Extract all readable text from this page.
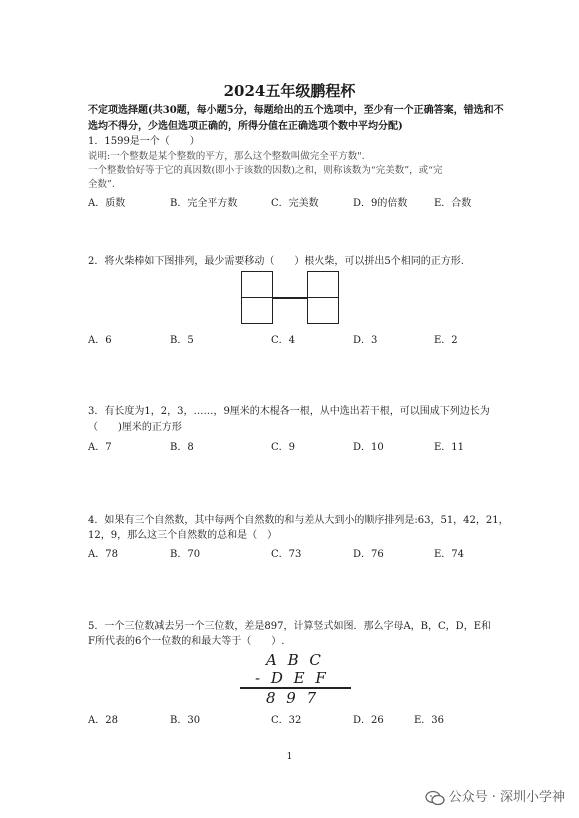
2024五年级鹏程杯
不定项选择题(共30题，每小题5分，每题给出的五个选项中，至少有一个正确答案，错选和不选均不得分，少选但选项正确的，所得分值在正确选项个数中平均分配)
1．1599是一个（　　）
说明:一个整数是某个整数的平方，那么这个整数叫做完全平方数".
一个整数恰好等于它的真因数(即小于该数的因数)之和，则称该数为“完美数”，或“完
全数”.
A．质数	B．完全平方数	C．完美数	D．9的倍数	E．合数
2．将火柴棒如下图排列，最少需要移动（　　）根火柴，可以拼出5个相同的正方形.
A．6	B．5	C．4	D．3	E．2
3．有长度为1，2，3，……，9厘米的木棍各一根，从中选出若干根，可以围成下列边长为
（　　)厘米的正方形
A．7	B．8	C．9	D．10	E．11
4．如果有三个自然数，其中每两个自然数的和与差从大到小的顺序排列是:63，51，42，21，
12，9，那么这三个自然数的总和是（　）
A．78	B．70	C．73	D．76	E．74
5．一个三位数减去另一个三位数，差是897，计算竖式如图．那么字母A，B，C，D，E和
F所代表的6个一位数的和最大等于（　　）.
A B C
- D E F
8 9 7
A．28	B．30	C．32	D．26	E．36
1
公众号 · 深圳小学神
